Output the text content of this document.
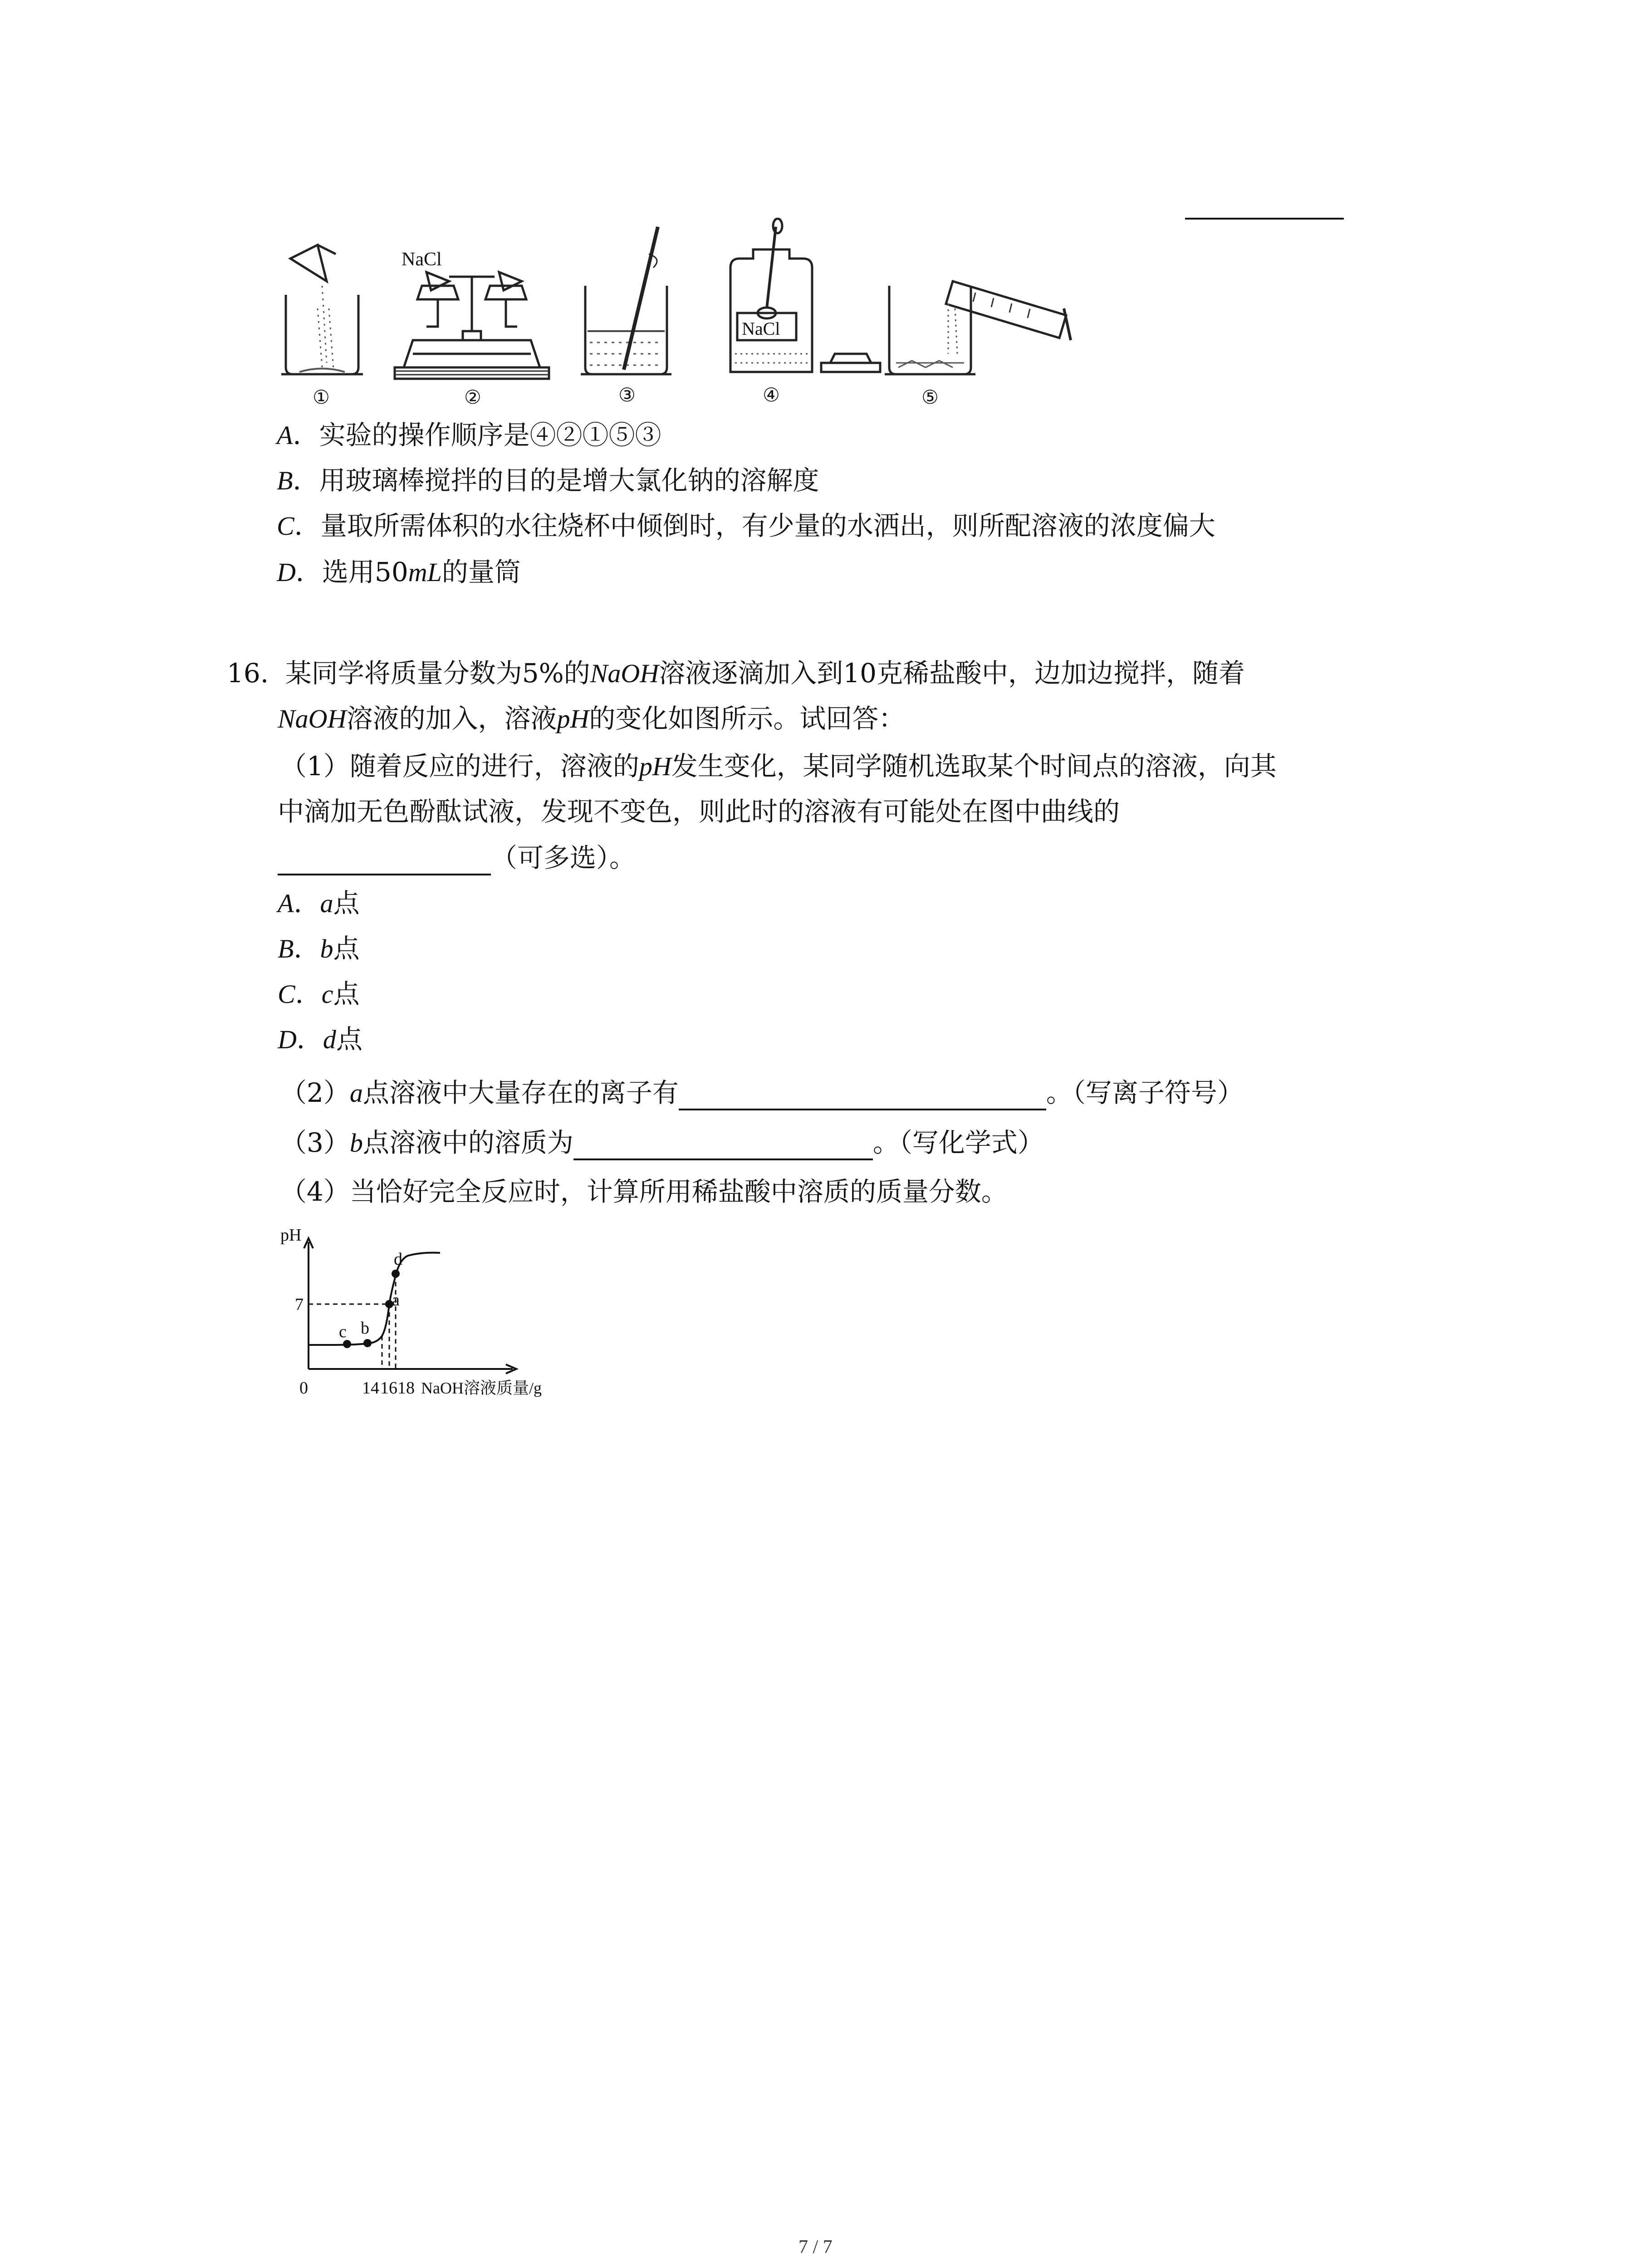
NaCl
NaCl
①	②	③	④	⑤
A．实验的操作顺序是④②①⑤③
B．用玻璃棒搅拌的目的是增大氯化钠的溶解度
C．量取所需体积的水往烧杯中倾倒时，有少量的水洒出，则所配溶液的浓度偏大
D．选用50mL的量筒
16. 某同学将质量分数为5%的NaOH溶液逐滴加入到10克稀盐酸中，边加边搅拌，随着
NaOH溶液的加入，溶液pH的变化如图所示。试回答：
（1）随着反应的进行，溶液的pH发生变化，某同学随机选取某个时间点的溶液，向其
中滴加无色酚酞试液，发现不变色，则此时的溶液有可能处在图中曲线的
（可多选）。
A．a点
B．b点
C．c点
D．d点
（2）a点溶液中大量存在的离子有	。（写离子符号）
（3）b点溶液中的溶质为	。（写化学式）
（4）当恰好完全反应时，计算所用稀盐酸中溶质的质量分数。
pH
7
0	14 16 18 NaOH溶液质量/g
c b
a
d
7 / 7
